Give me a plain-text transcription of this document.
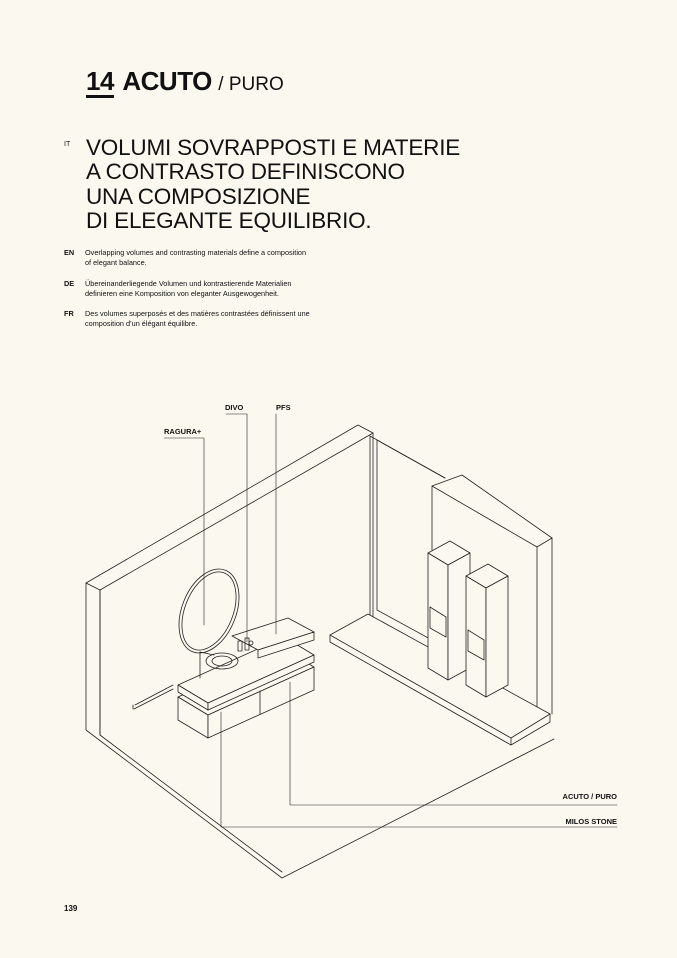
14 ACUTO / PURO
IT VOLUMI SOVRAPPOSTI E MATERIE
A CONTRASTO DEFINISCONO
UNA COMPOSIZIONE
DI ELEGANTE EQUILIBRIO.
EN Overlapping volumes and contrasting materials define a composition
of elegant balance.
DE Übereinanderliegende Volumen und kontrastierende Materialien
definieren eine Komposition von eleganter Ausgewogenheit.
FR Des volumes superposés et des matières contrastées définissent une
composition d’un élégant équilibre.
DIVO	PFS
RAGURA+
ACUTO / PURO
MILOS STONE
139
